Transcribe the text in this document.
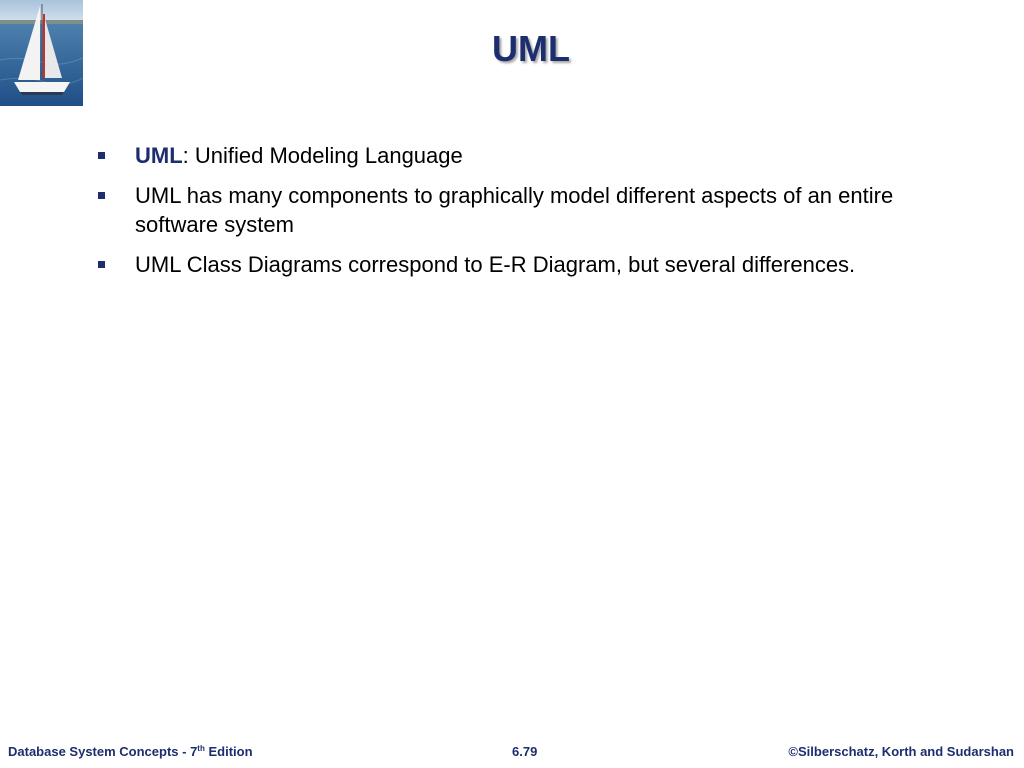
UML
UML: Unified Modeling Language
UML has many components to graphically model different aspects of an entire software system
UML Class Diagrams correspond to E-R Diagram, but several differences.
Database System Concepts - 7th Edition	6.79	©Silberschatz, Korth and Sudarshan
